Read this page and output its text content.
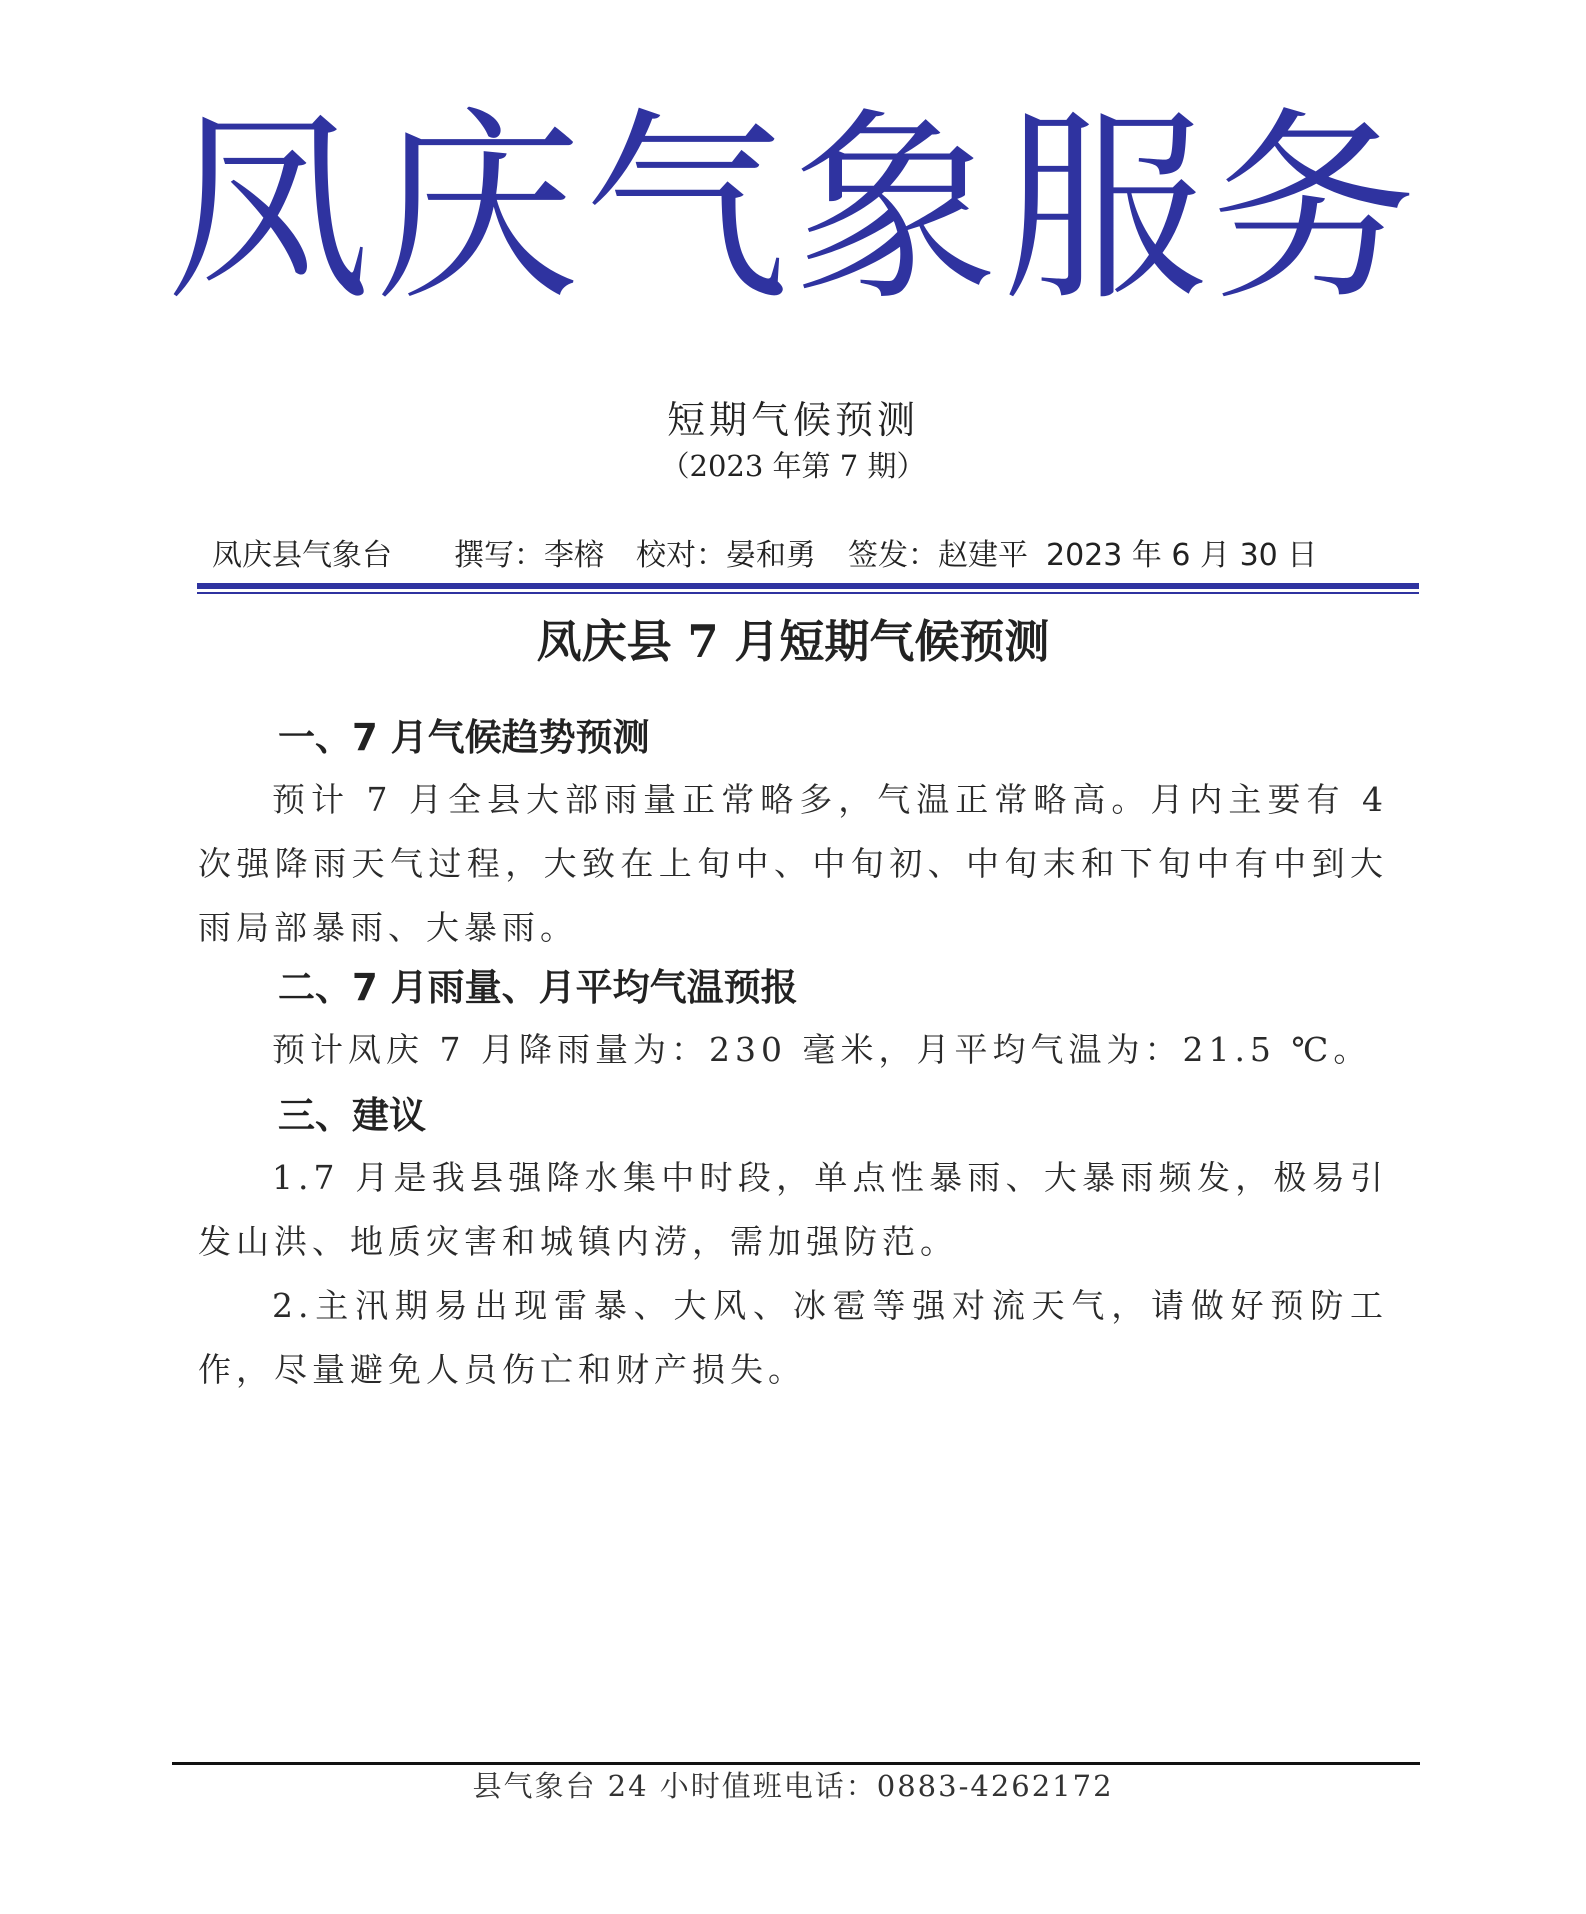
凤庆气象服务
短期气候预测
（2023 年第 7 期）
凤庆县气象台 撰写：李榕 校对：晏和勇 签发：赵建平 2023 年 6 月 30 日
凤庆县 7 月短期气候预测
一、7 月气候趋势预测
预计 7 月全县大部雨量正常略多，气温正常略高。月内主要有 4 次强降雨天气过程，大致在上旬中、中旬初、中旬末和下旬中有中到大雨局部暴雨、大暴雨。
二、7 月雨量、月平均气温预报
预计凤庆 7 月降雨量为：230 毫米，月平均气温为：21.5 ℃。
三、建议
1.7 月是我县强降水集中时段，单点性暴雨、大暴雨频发，极易引发山洪、地质灾害和城镇内涝，需加强防范。
2.主汛期易出现雷暴、大风、冰雹等强对流天气，请做好预防工作，尽量避免人员伤亡和财产损失。
县气象台 24 小时值班电话：0883-4262172
